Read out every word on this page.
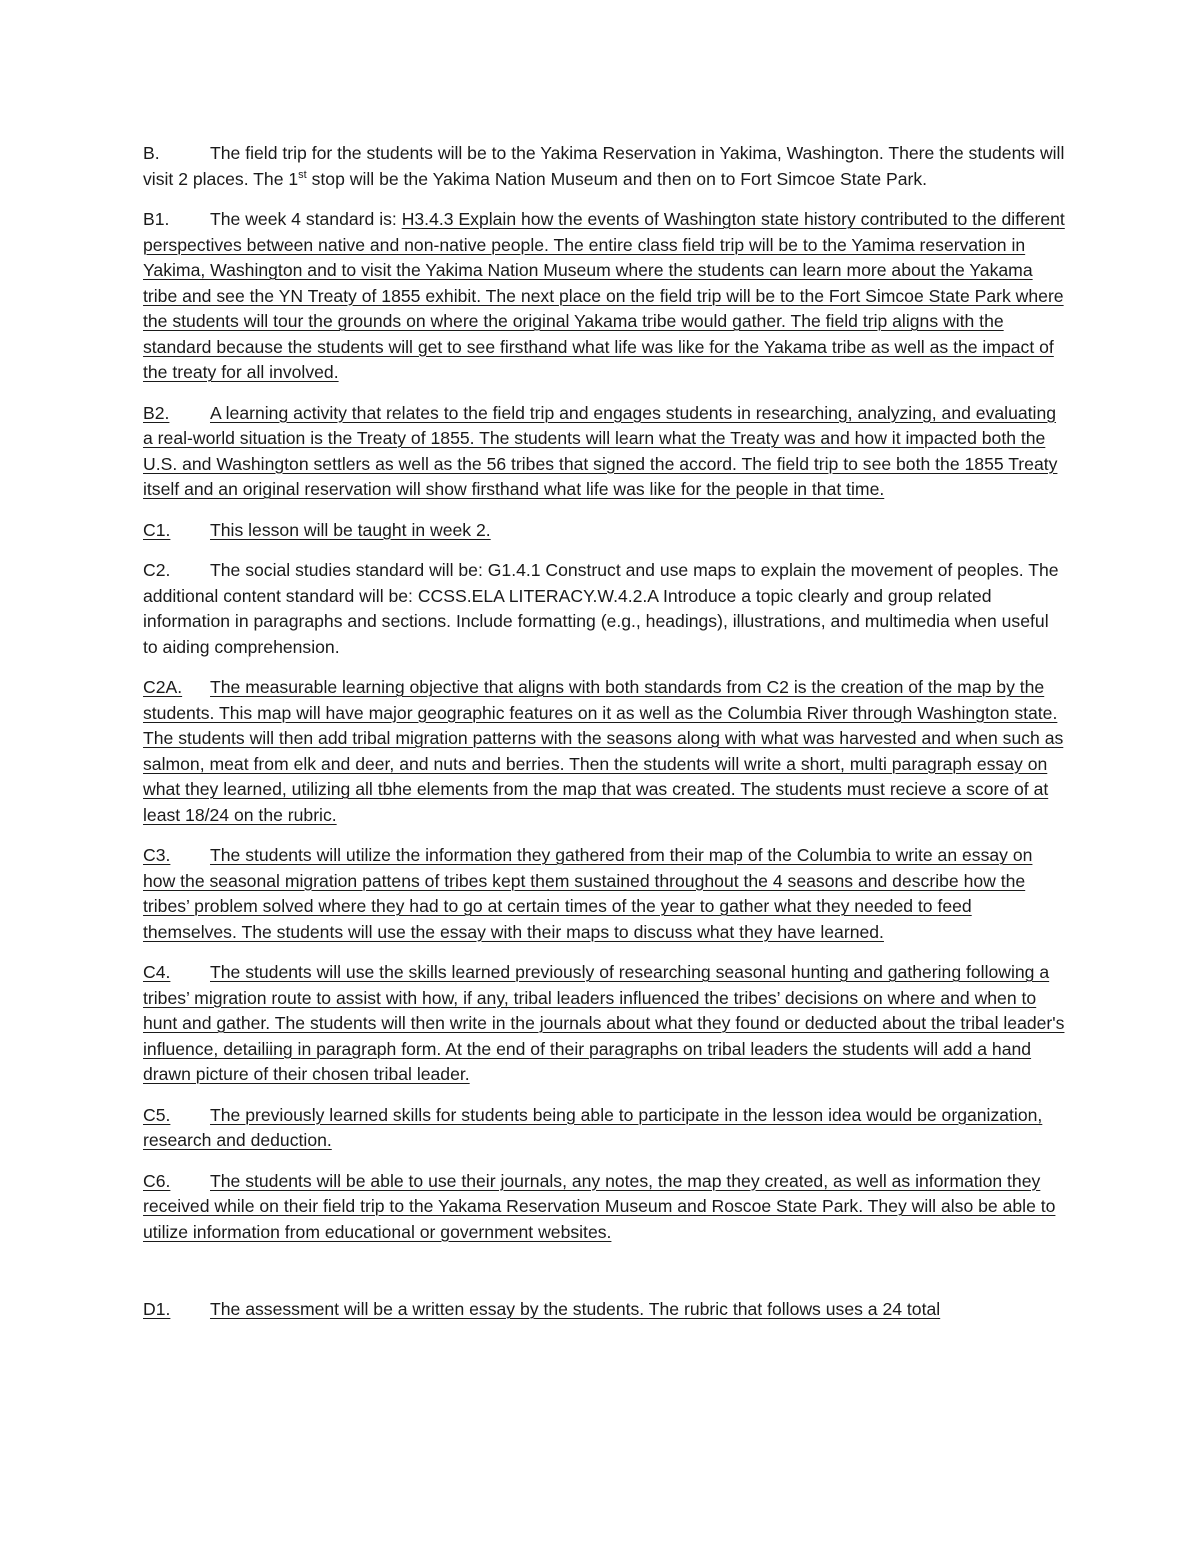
B.	The field trip for the students will be to the Yakima Reservation in Yakima, Washington. There the students will visit 2 places. The 1st stop will be the Yakima Nation Museum and then on to Fort Simcoe State Park.

B1. The week 4 standard is: H3.4.3 Explain how the events of Washington state history contributed to the different perspectives between native and non-native people. The entire class field trip will be to the Yamima reservation in Yakima, Washington and to visit the Yakima Nation Museum where the students can learn more about the Yakama tribe and see the YN Treaty of 1855 exhibit. The next place on the field trip will be to the Fort Simcoe State Park where the students will tour the grounds on where the original Yakama tribe would gather. The field trip aligns with the standard because the students will get to see firsthand what life was like for the Yakama tribe as well as the impact of the treaty for all involved.

B2. A learning activity that relates to the field trip and engages students in researching, analyzing, and evaluating a real-world situation is the Treaty of 1855. The students will learn what the Treaty was and how it impacted both the U.S. and Washington settlers as well as the 56 tribes that signed the accord. The field trip to see both the 1855 Treaty itself and an original reservation will show firsthand what life was like for the people in that time.

C1. This lesson will be taught in week 2.

C2. The social studies standard will be: G1.4.1 Construct and use maps to explain the movement of peoples. The additional content standard will be: CCSS.ELA LITERACY.W.4.2.A Introduce a topic clearly and group related information in paragraphs and sections. Include formatting (e.g., headings), illustrations, and multimedia when useful to aiding comprehension.

C2A. The measurable learning objective that aligns with both standards from C2 is the creation of the map by the students. This map will have major geographic features on it as well as the Columbia River through Washington state. The students will then add tribal migration patterns with the seasons along with what was harvested and when such as salmon, meat from elk and deer, and nuts and berries. Then the students will write a short, multi paragraph essay on what they learned, utilizing all tbhe elements from the map that was created. The students must recieve a score of at least 18/24 on the rubric.

C3. The students will utilize the information they gathered from their map of the Columbia to write an essay on how the seasonal migration pattens of tribes kept them sustained throughout the 4 seasons and describe how the tribes’ problem solved where they had to go at certain times of the year to gather what they needed to feed themselves. The students will use the essay with their maps to discuss what they have learned.

C4. The students will use the skills learned previously of researching seasonal hunting and gathering following a tribes’ migration route to assist with how, if any, tribal leaders influenced the tribes’ decisions on where and when to hunt and gather. The students will then write in the journals about what they found or deducted about the tribal leader's influence, detailiing in paragraph form. At the end of their paragraphs on tribal leaders the students will add a hand drawn picture of their chosen tribal leader.

C5. The previously learned skills for students being able to participate in the lesson idea would be organization, research and deduction.

C6. The students will be able to use their journals, any notes, the map they created, as well as information they received while on their field trip to the Yakama Reservation Museum and Roscoe State Park. They will also be able to utilize information from educational or government websites.

D1. The assessment will be a written essay by the students. The rubric that follows uses a 24 total
